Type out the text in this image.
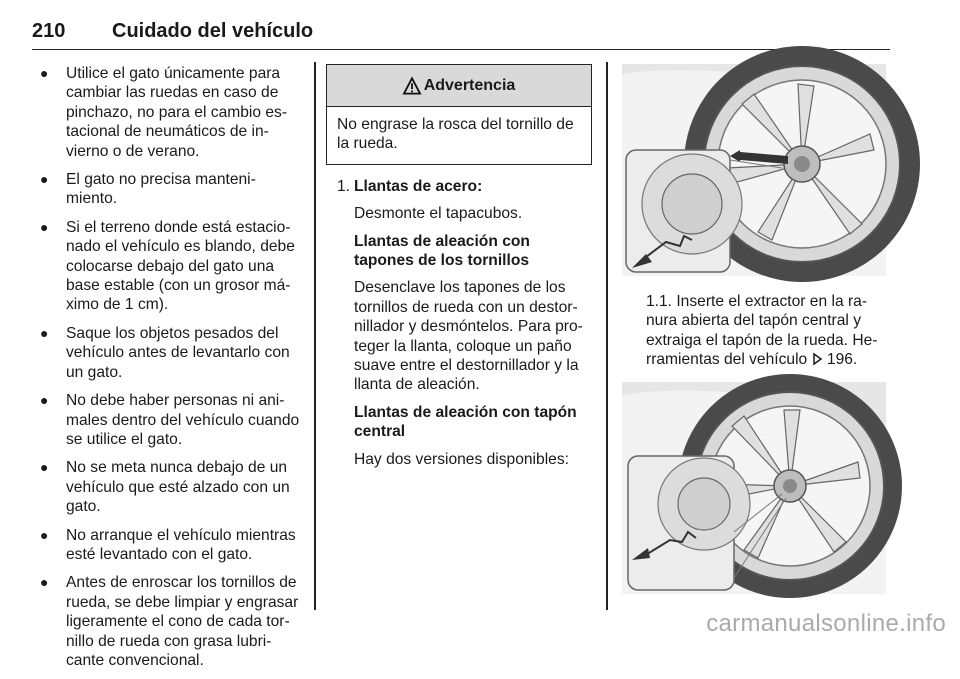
210 Cuidado del vehículo
● Utilice el gato únicamente para cambiar las ruedas en caso de pinchazo, no para el cambio es-tacional de neumáticos de in-vierno o de verano.
● El gato no precisa manteni-miento.
● Si el terreno donde está estacio-nado el vehículo es blando, debe colocarse debajo del gato una base estable (con un grosor má-ximo de 1 cm).
● Saque los objetos pesados del vehículo antes de levantarlo con un gato.
● No debe haber personas ni ani-males dentro del vehículo cuando se utilice el gato.
● No se meta nunca debajo de un vehículo que esté alzado con un gato.
● No arranque el vehículo mientras esté levantado con el gato.
● Antes de enroscar los tornillos de rueda, se debe limpiar y engrasar ligeramente el cono de cada tor-nillo de rueda con grasa lubri-cante convencional.
Advertencia
No engrase la rosca del tornillo de la rueda.
1. Llantas de acero:

Desmonte el tapacubos.

Llantas de aleación con tapones de los tornillos

Desenclave los tapones de los tornillos de rueda con un destor-nillador y desmóntelos. Para pro-teger la llanta, coloque un paño suave entre el destornillador y la llanta de aleación.

Llantas de aleación con tapón central

Hay dos versiones disponibles:

1.1. Inserte el extractor en la ra-nura abierta del tapón central y extraiga el tapón de la rueda. He-rramientas del vehículo 196.

carmanualsonline.info
